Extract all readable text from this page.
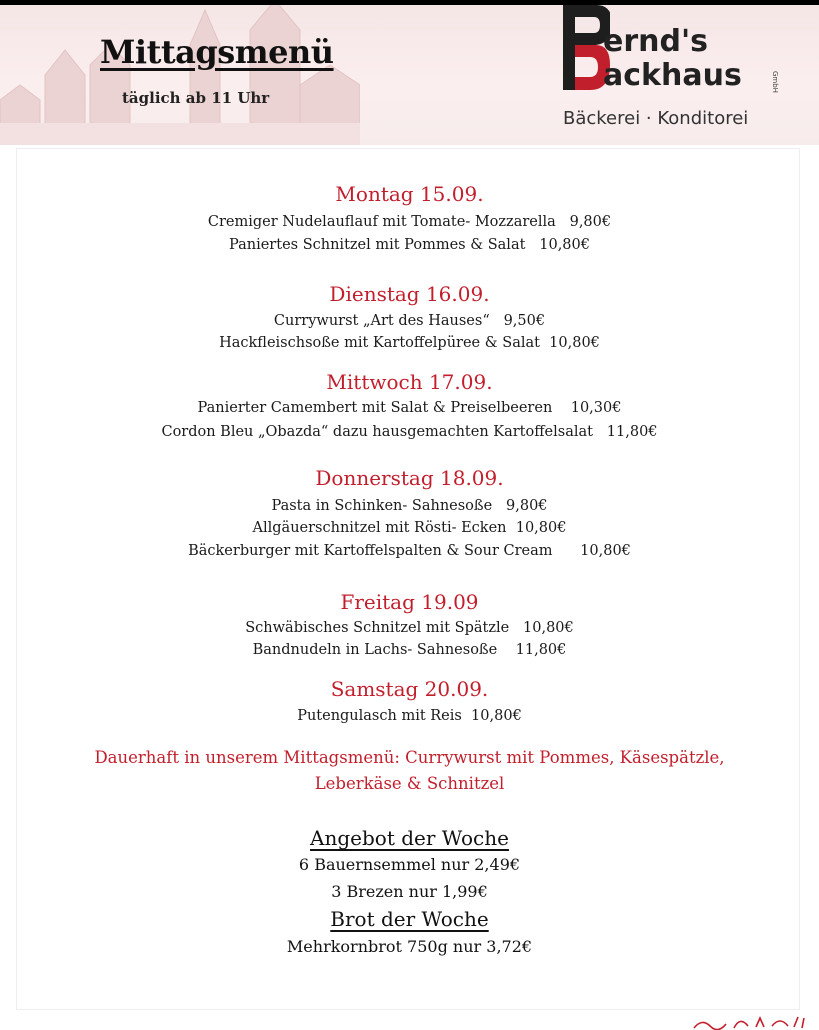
Mittagsmenü
täglich ab 11 Uhr
ernd's
ackhaus	GmbH
Bäckerei · Konditorei
Montag 15.09.
Cremiger Nudelauflauf mit Tomate- Mozzarella   9,80€
Paniertes Schnitzel mit Pommes & Salat   10,80€
Dienstag 16.09.
Currywurst „Art des Hauses“   9,50€
Hackfleischsoße mit Kartoffelpüree & Salat  10,80€
Mittwoch 17.09.
Panierter Camembert mit Salat & Preiselbeeren    10,30€
Cordon Bleu „Obazda“ dazu hausgemachten Kartoffelsalat   11,80€
Donnerstag 18.09.
Pasta in Schinken- Sahnesoße   9,80€
Allgäuerschnitzel mit Rösti- Ecken  10,80€
Bäckerburger mit Kartoffelspalten & Sour Cream      10,80€
Freitag 19.09
Schwäbisches Schnitzel mit Spätzle   10,80€
Bandnudeln in Lachs- Sahnesoße    11,80€
Samstag 20.09.
Putengulasch mit Reis  10,80€
Dauerhaft in unserem Mittagsmenü: Currywurst mit Pommes, Käsespätzle,
Leberkäse & Schnitzel
Angebot der Woche
6 Bauernsemmel nur 2,49€
3 Brezen nur 1,99€
Brot der Woche
Mehrkornbrot 750g nur 3,72€
